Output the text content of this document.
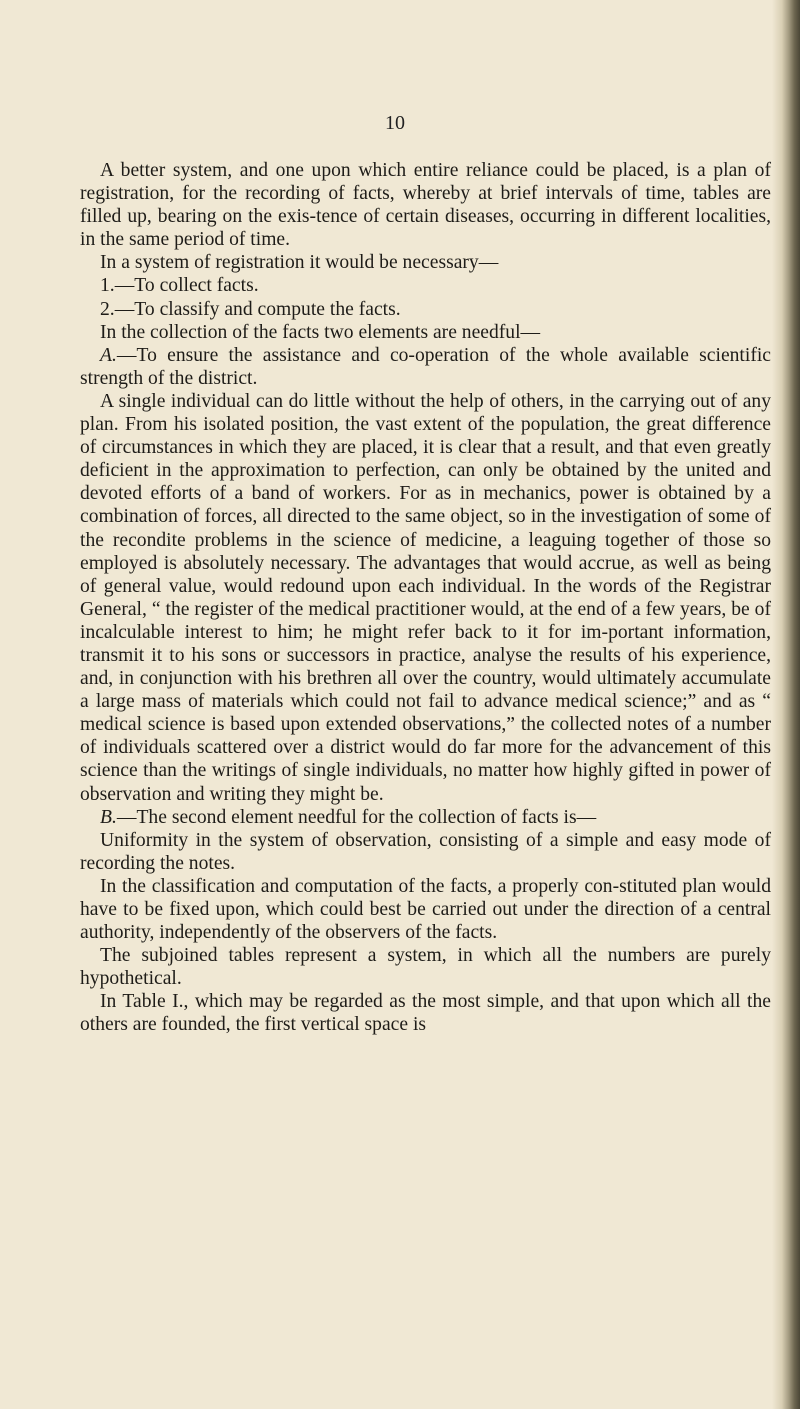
10

A better system, and one upon which entire reliance could be placed, is a plan of registration, for the recording of facts, whereby at brief intervals of time, tables are filled up, bearing on the exis-tence of certain diseases, occurring in different localities, in the same period of time.

In a system of registration it would be necessary—

1.—To collect facts.

2.—To classify and compute the facts.

In the collection of the facts two elements are needful—

A.—To ensure the assistance and co-operation of the whole available scientific strength of the district.

A single individual can do little without the help of others, in the carrying out of any plan. From his isolated position, the vast extent of the population, the great difference of circumstances in which they are placed, it is clear that a result, and that even greatly deficient in the approximation to perfection, can only be obtained by the united and devoted efforts of a band of workers. For as in mechanics, power is obtained by a combination of forces, all directed to the same object, so in the investigation of some of the recondite problems in the science of medicine, a leaguing together of those so employed is absolutely necessary. The advantages that would accrue, as well as being of general value, would redound upon each individual. In the words of the Registrar General, “ the register of the medical practitioner would, at the end of a few years, be of incalculable interest to him; he might refer back to it for im-portant information, transmit it to his sons or successors in practice, analyse the results of his experience, and, in conjunction with his brethren all over the country, would ultimately accumulate a large mass of materials which could not fail to advance medical science;” and as “ medical science is based upon extended observations,” the collected notes of a number of individuals scattered over a district would do far more for the advancement of this science than the writings of single individuals, no matter how highly gifted in power of observation and writing they might be.

B.—The second element needful for the collection of facts is—

Uniformity in the system of observation, consisting of a simple and easy mode of recording the notes.

In the classification and computation of the facts, a properly con-stituted plan would have to be fixed upon, which could best be carried out under the direction of a central authority, independently of the observers of the facts.

The subjoined tables represent a system, in which all the numbers are purely hypothetical.

In Table I., which may be regarded as the most simple, and that upon which all the others are founded, the first vertical space is
